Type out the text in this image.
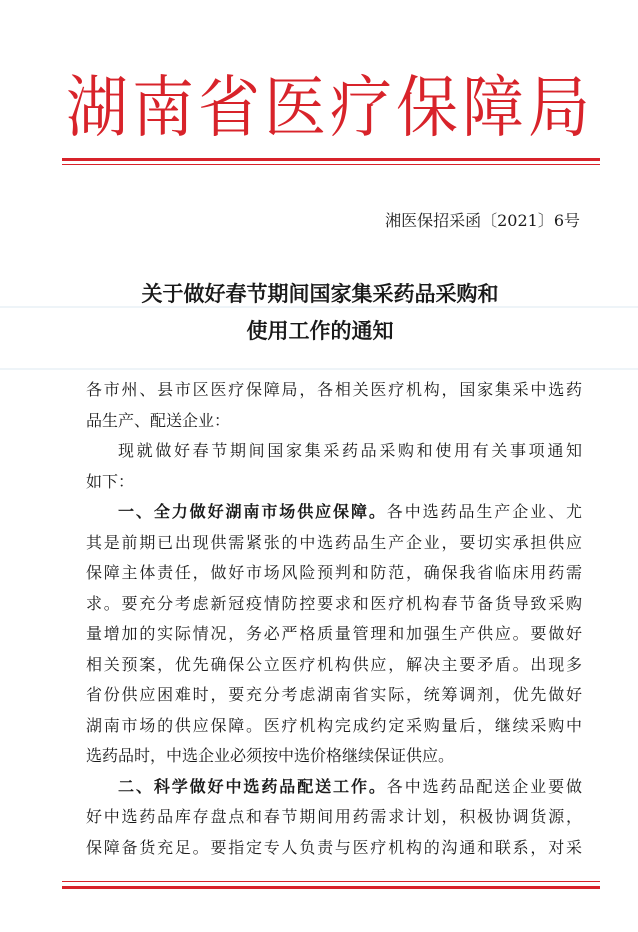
湖南省医疗保障局
湘医保招采函〔2021〕6号
关于做好春节期间国家集采药品采购和
使用工作的通知
各市州、县市区医疗保障局，各相关医疗机构，国家集采中选药
品生产、配送企业：
现就做好春节期间国家集采药品采购和使用有关事项通知
如下：
一、全力做好湖南市场供应保障。各中选药品生产企业、尤
其是前期已出现供需紧张的中选药品生产企业，要切实承担供应
保障主体责任，做好市场风险预判和防范，确保我省临床用药需
求。要充分考虑新冠疫情防控要求和医疗机构春节备货导致采购
量增加的实际情况，务必严格质量管理和加强生产供应。要做好
相关预案，优先确保公立医疗机构供应，解决主要矛盾。出现多
省份供应困难时，要充分考虑湖南省实际，统筹调剂，优先做好
湖南市场的供应保障。医疗机构完成约定采购量后，继续采购中
选药品时，中选企业必须按中选价格继续保证供应。
二、科学做好中选药品配送工作。各中选药品配送企业要做
好中选药品库存盘点和春节期间用药需求计划，积极协调货源，
保障备货充足。要指定专人负责与医疗机构的沟通和联系，对采
